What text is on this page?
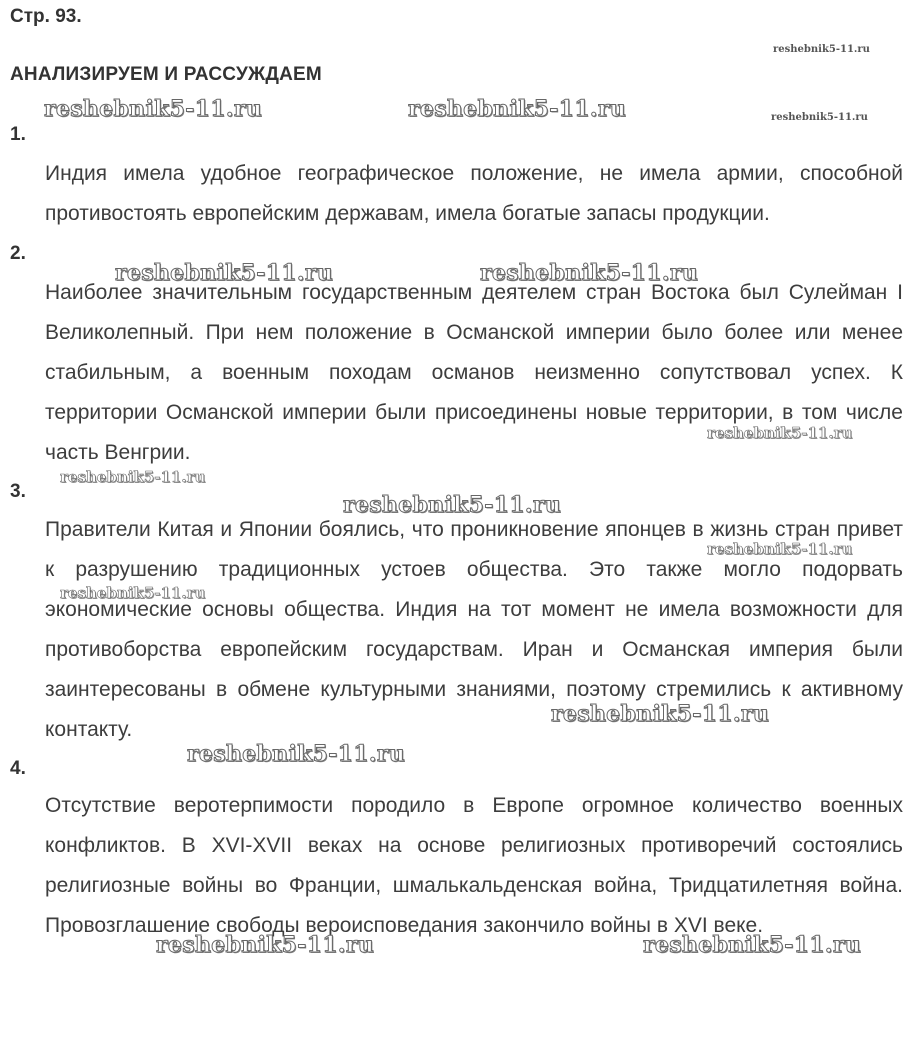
Стр. 93.
АНАЛИЗИРУЕМ И РАССУЖДАЕМ
1.

Индия имела удобное географическое положение, не имела армии, способной противостоять европейским державам, имела богатые запасы продукции.

2.

Наиболее значительным государственным деятелем стран Востока был Сулейман I Великолепный. При нем положение в Османской империи было более или менее стабильным, а военным походам османов неизменно сопутствовал успех. К территории Османской империи были присоединены новые территории, в том числе часть Венгрии.

3.

Правители Китая и Японии боялись, что проникновение японцев в жизнь стран привет к разрушению традиционных устоев общества. Это также могло подорвать экономические основы общества. Индия на тот момент не имела возможности для противоборства европейским государствам. Иран и Османская империя были заинтересованы в обмене культурными знаниями, поэтому стремились к активному контакту.

4.

Отсутствие веротерпимости породило в Европе огромное количество военных конфликтов. В XVI-XVII веках на основе религиозных противоречий состоялись религиозные войны во Франции, шмалькальденская война, Тридцатилетняя война. Провозглашение свободы вероисповедания закончило войны в XVI веке.

reshebnik5-11.ru
reshebnik5-11.ru	reshebnik5-11.ru	reshebnik5-11.ru
reshebnik5-11.ru	reshebnik5-11.ru
reshebnik5-11.ru
reshebnik5-11.ru
reshebnik5-11.ru
reshebnik5-11.ru
reshebnik5-11.ru
reshebnik5-11.ru
reshebnik5-11.ru
reshebnik5-11.ru	reshebnik5-11.ru
